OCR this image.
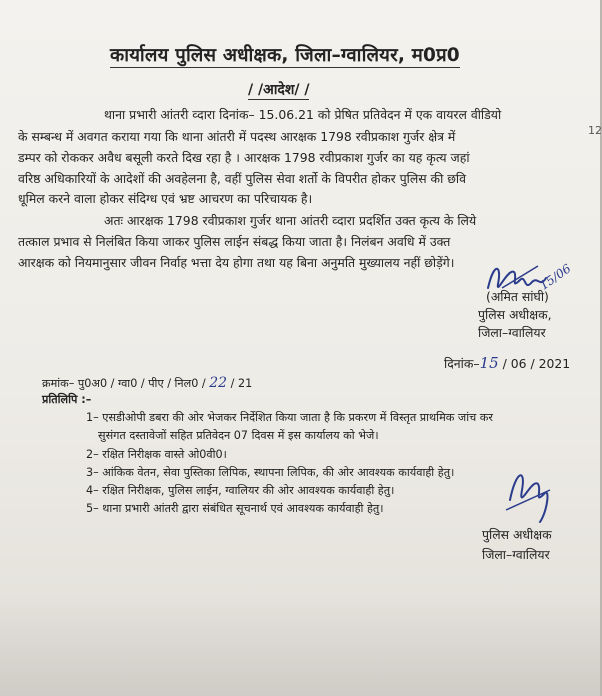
कार्यालय पुलिस अधीक्षक, जिला–ग्वालियर, म0प्र0
/ /आदेश/ /
थाना प्रभारी आंतरी व्दारा दिनांक– 15.06.21 को प्रेषित प्रतिवेदन में एक वायरल वीडियो
के सम्बन्ध में अवगत कराया गया कि थाना आंतरी में पदस्थ आरक्षक 1798 रवीप्रकाश गुर्जर क्षेत्र में
डम्पर को रोककर अवैध बसूली करते दिख रहा है । आरक्षक 1798 रवीप्रकाश गुर्जर का यह कृत्य जहां
वरिष्ठ अधिकारियों के आदेशों की अवहेलना है, वहीं पुलिस सेवा शर्तो के विपरीत होकर पुलिस की छवि
धूमिल करने वाला होकर संदिग्ध एवं भ्रष्ट आचरण का परिचायक है।
12
अतः आरक्षक 1798 रवीप्रकाश गुर्जर थाना आंतरी व्दारा प्रदर्शित उक्त कृत्य के लिये
तत्काल प्रभाव से निलंबित किया जाकर पुलिस लाईन संबद्ध किया जाता है। निलंबन अवधि में उक्त
आरक्षक को नियमानुसार जीवन निर्वाह भत्ता देय होगा तथा यह बिना अनुमति मुख्यालय नहीं छोड़ेंगे।	15/06
(अमित सांघी)
पुलिस अधीक्षक,
जिला–ग्वालियर
दिनांक–15 / 06 / 2021
क्रमांक– पु0अ0 / ग्वा0 / पीए / निल0 / 22 / 21
प्रतिलिपि :–
1– एसडीओपी डबरा की ओर भेजकर निर्देशित किया जाता है कि प्रकरण में विस्तृत प्राथमिक जांच कर
सुसंगत दस्तावेजों सहित प्रतिवेदन 07 दिवस में इस कार्यालय को भेजे।
2– रक्षित निरीक्षक वास्ते ओ0वी0।
3– आंकिक वेतन, सेवा पुस्तिका लिपिक, स्थापना लिपिक, की ओर आवश्यक कार्यवाही हेतु।
4– रक्षित निरीक्षक, पुलिस लाईन, ग्वालियर की ओर आवश्यक कार्यवाही हेतु।
5– थाना प्रभारी आंतरी द्वारा संबंधित सूचनार्थ एवं आवश्यक कार्यवाही हेतु।
पुलिस अधीक्षक
जिला–ग्वालियर
